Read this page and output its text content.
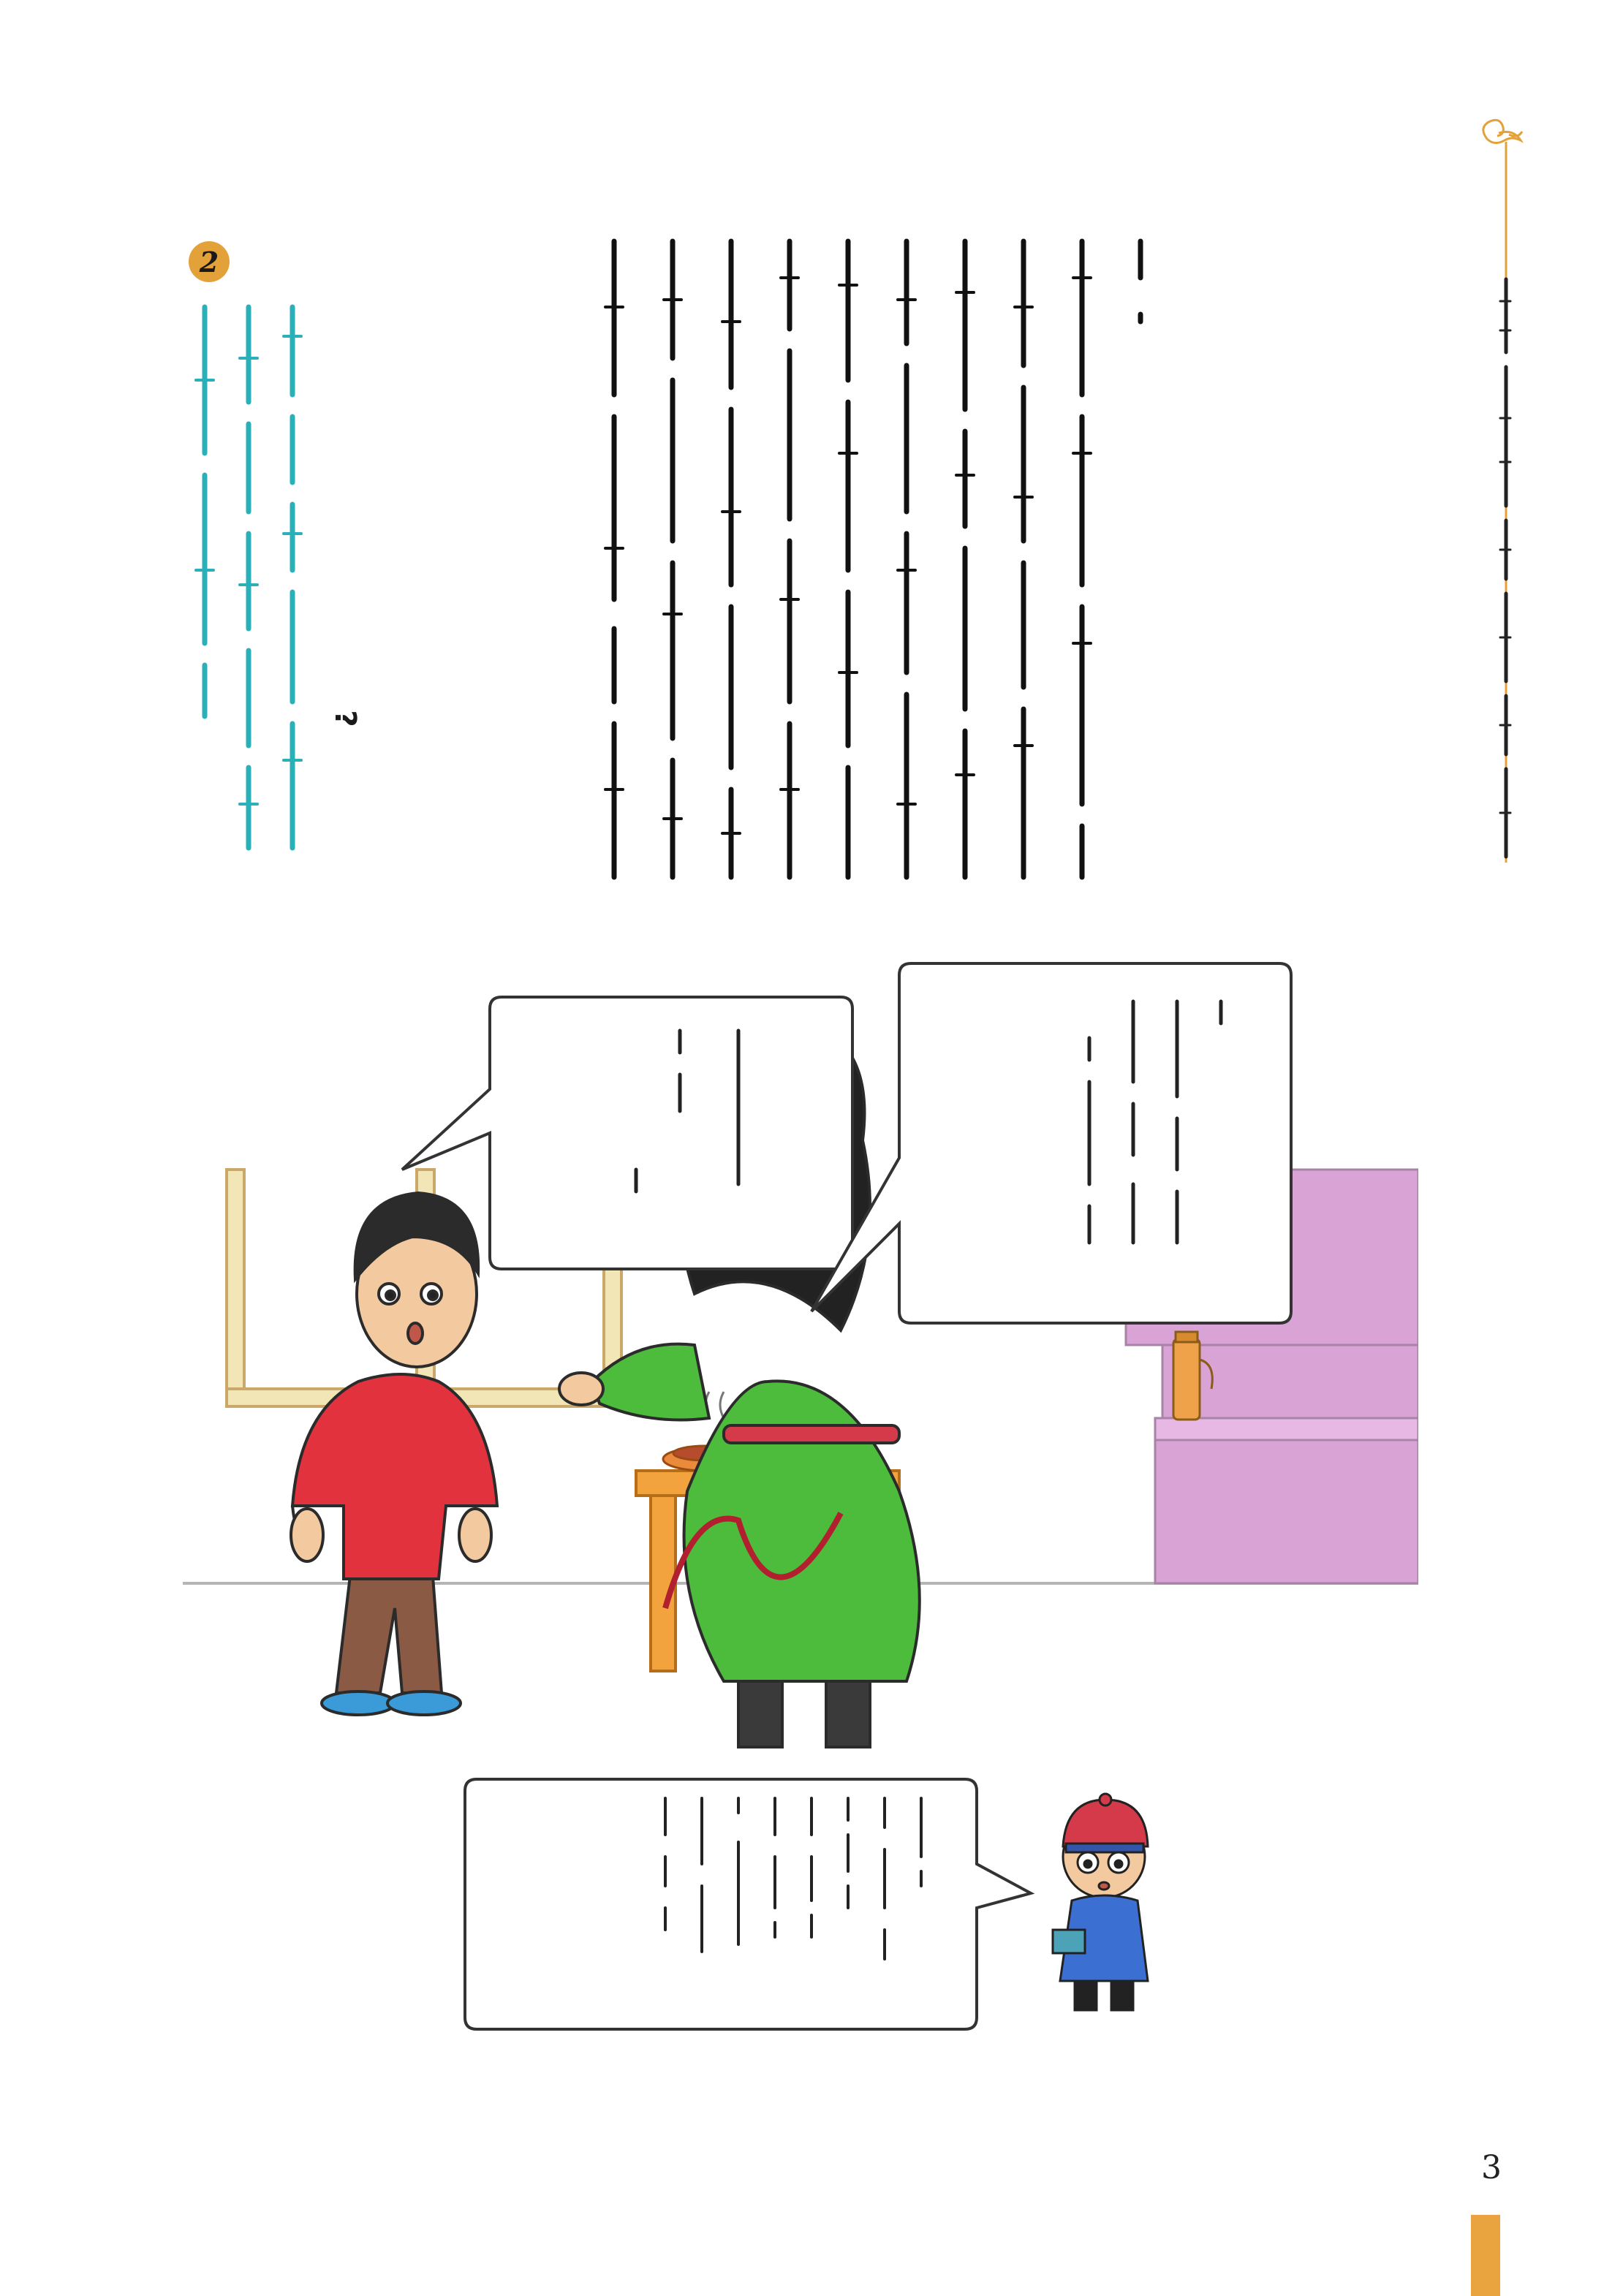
2
?
3
